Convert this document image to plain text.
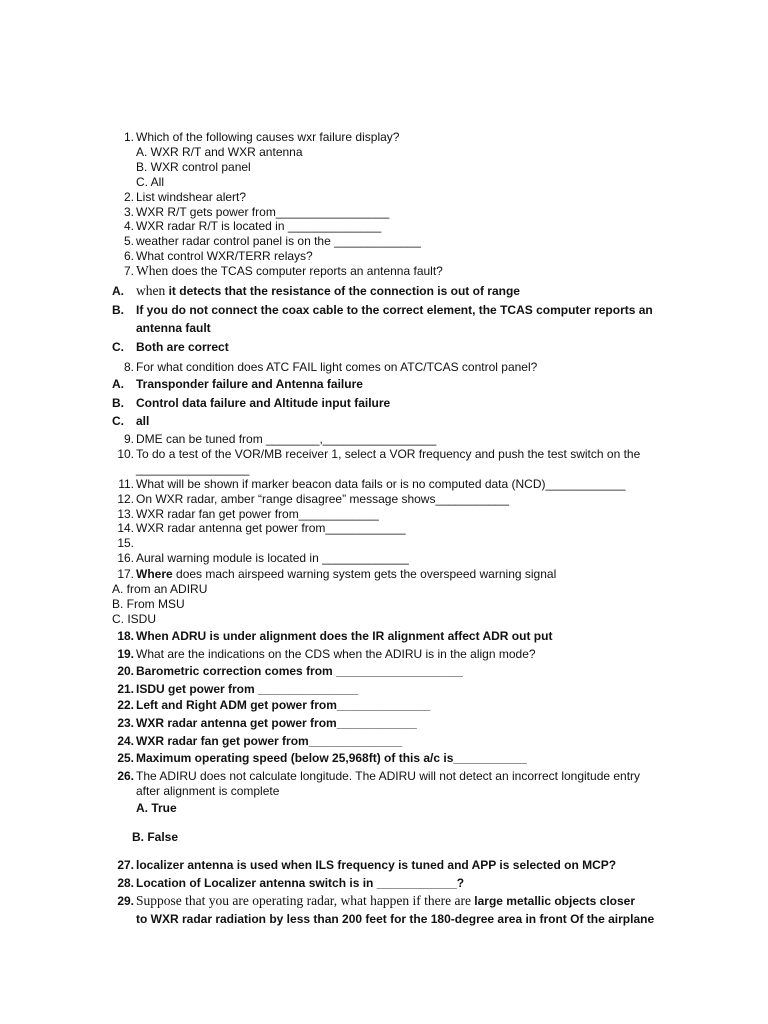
1. Which of the following causes wxr failure display?
A. WXR R/T and WXR antenna
B. WXR control panel
C. All
2. List windshear alert?
3. WXR R/T gets power from_________________
4. WXR radar R/T is located in ______________
5. weather radar control panel is on the _____________
6. What control WXR/TERR relays?
7. When does the TCAS computer reports an antenna fault?
A. when it detects that the resistance of the connection is out of range
B.	If you do not connect the coax cable to the correct element, the TCAS computer reports an
antenna fault
C.	Both are correct
8. For what condition does ATC FAIL light comes on ATC/TCAS control panel?
A.	Transponder failure and Antenna failure
B.	Control data failure and Altitude input failure
C.	all
9. DME can be tuned from ________,_________________
10. To do a test of the VOR/MB receiver 1, select a VOR frequency and push the test switch on the
_________________
11. What will be shown if marker beacon data fails or is no computed data (NCD)____________
12. On WXR radar, amber “range disagree” message shows___________
13. WXR radar fan get power from____________
14. WXR radar antenna get power from____________
15.
16. Aural warning module is located in _____________
17. Where does mach airspeed warning system gets the overspeed warning signal
A. from an ADIRU
B. From MSU
C. ISDU
18. When ADRU is under alignment does the IR alignment affect ADR out put
19. What are the indications on the CDS when the ADIRU is in the align mode?
20. Barometric correction comes from ___________________
21. ISDU get power from _______________
22. Left and Right ADM get power from______________
23. WXR radar antenna get power from____________
24. WXR radar fan get power from______________
25. Maximum operating speed (below 25,968ft) of this a/c is___________
26. The ADIRU does not calculate longitude. The ADIRU will not detect an incorrect longitude entry
after alignment is complete
A. True
B. False
27. localizer antenna is used when ILS frequency is tuned and APP is selected on MCP?
28. Location of Localizer antenna switch is in ____________?
29. Suppose that you are operating radar, what happen if there are large metallic objects closer
to WXR radar radiation by less than 200 feet for the 180-degree area in front Of the airplane
